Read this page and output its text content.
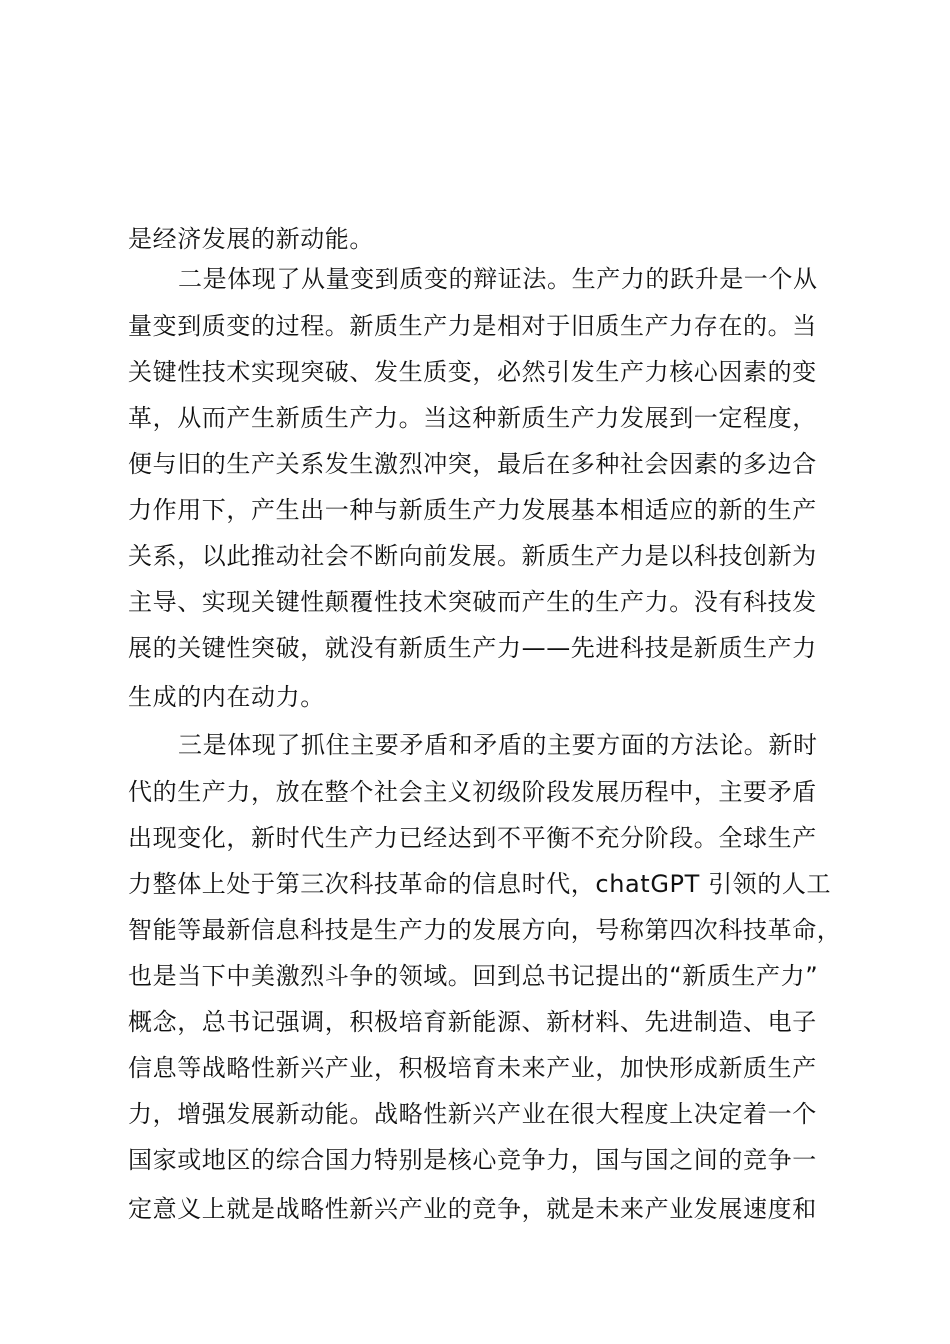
是经济发展的新动能。

二是体现了从量变到质变的辩证法。生产力的跃升是一个从

量变到质变的过程。新质生产力是相对于旧质生产力存在的。当

关键性技术实现突破、发生质变，必然引发生产力核心因素的变

革，从而产生新质生产力。当这种新质生产力发展到一定程度，

便与旧的生产关系发生激烈冲突，最后在多种社会因素的多边合

力作用下，产生出一种与新质生产力发展基本相适应的新的生产

关系，以此推动社会不断向前发展。新质生产力是以科技创新为

主导、实现关键性颠覆性技术突破而产生的生产力。没有科技发

展的关键性突破，就没有新质生产力——先进科技是新质生产力

生成的内在动力。

三是体现了抓住主要矛盾和矛盾的主要方面的方法论。新时

代的生产力，放在整个社会主义初级阶段发展历程中，主要矛盾

出现变化，新时代生产力已经达到不平衡不充分阶段。全球生产

力整体上处于第三次科技革命的信息时代，chatGPT 引领的人工

智能等最新信息科技是生产力的发展方向，号称第四次科技革命，

也是当下中美激烈斗争的领域。回到总书记提出的“新质生产力”

概念，总书记强调，积极培育新能源、新材料、先进制造、电子

信息等战略性新兴产业，积极培育未来产业，加快形成新质生产

力，增强发展新动能。战略性新兴产业在很大程度上决定着一个

国家或地区的综合国力特别是核心竞争力，国与国之间的竞争一

定意义上就是战略性新兴产业的竞争，就是未来产业发展速度和
